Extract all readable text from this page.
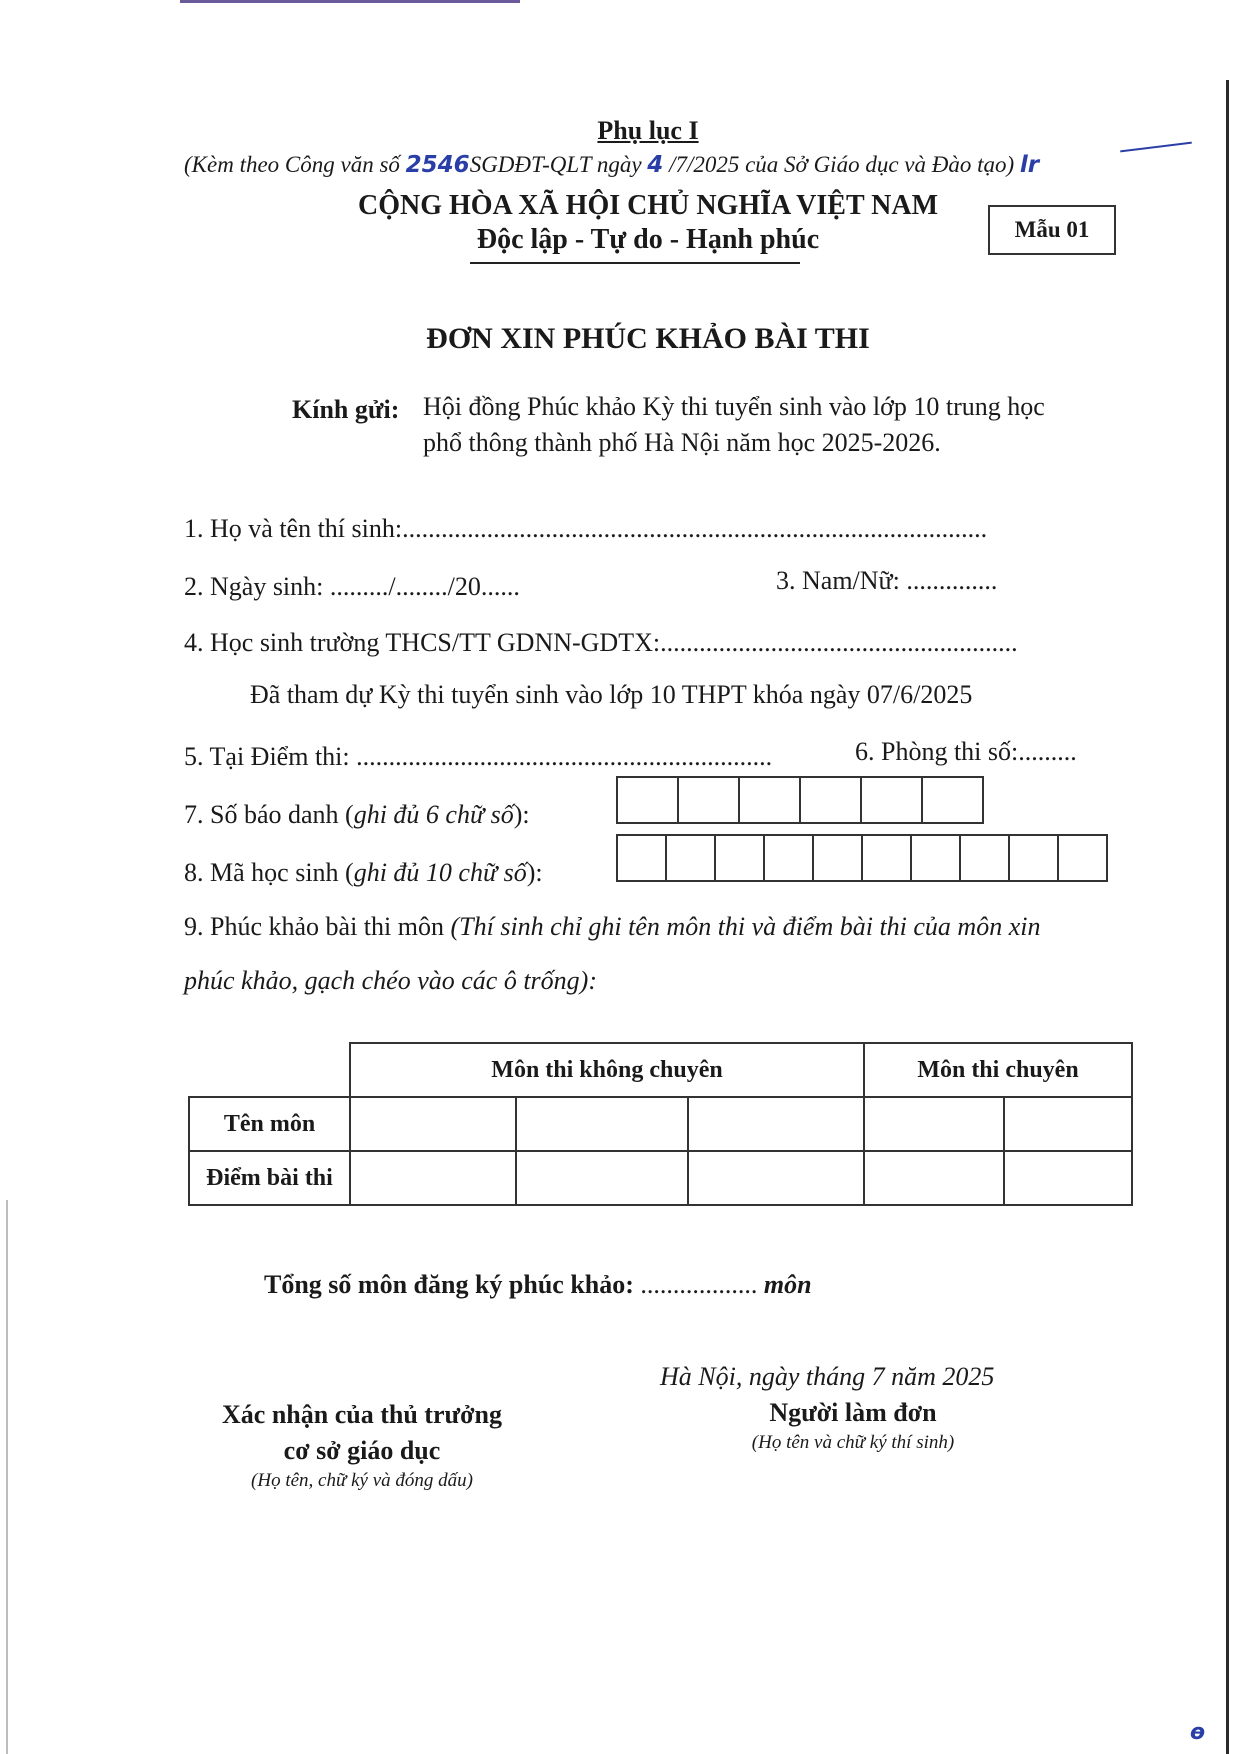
Phụ lục I
(Kèm theo Công văn số 2546SGDĐT-QLT ngày 4 /7/2025 của Sở Giáo dục và Đào tạo) lr
CỘNG HÒA XÃ HỘI CHỦ NGHĨA VIỆT NAM
Độc lập - Tự do - Hạnh phúc	Mẫu 01
ĐƠN XIN PHÚC KHẢO BÀI THI
Kính gửi: Hội đồng Phúc khảo Kỳ thi tuyển sinh vào lớp 10 trung học
phổ thông thành phố Hà Nội năm học 2025-2026.
1. Họ và tên thí sinh:..........................................................................................
2. Ngày sinh: ........./......../20......	3. Nam/Nữ: ..............
4. Học sinh trường THCS/TT GDNN-GDTX:.......................................................
Đã tham dự Kỳ thi tuyển sinh vào lớp 10 THPT khóa ngày 07/6/2025
5. Tại Điểm thi: ................................................................	6. Phòng thi số:.........
7. Số báo danh (ghi đủ 6 chữ số):
8. Mã học sinh (ghi đủ 10 chữ số):
9. Phúc khảo bài thi môn (Thí sinh chỉ ghi tên môn thi và điểm bài thi của môn xin
phúc khảo, gạch chéo vào các ô trống):
	Môn thi không chuyên			Môn thi chuyên	
Tên môn					
Điểm bài thi					
Tổng số môn đăng ký phúc khảo: .................. môn
Hà Nội, ngày tháng 7 năm 2025
Người làm đơn
(Họ tên và chữ ký thí sinh)
Xác nhận của thủ trưởng
cơ sở giáo dục
(Họ tên, chữ ký và đóng dấu)
ɵ
